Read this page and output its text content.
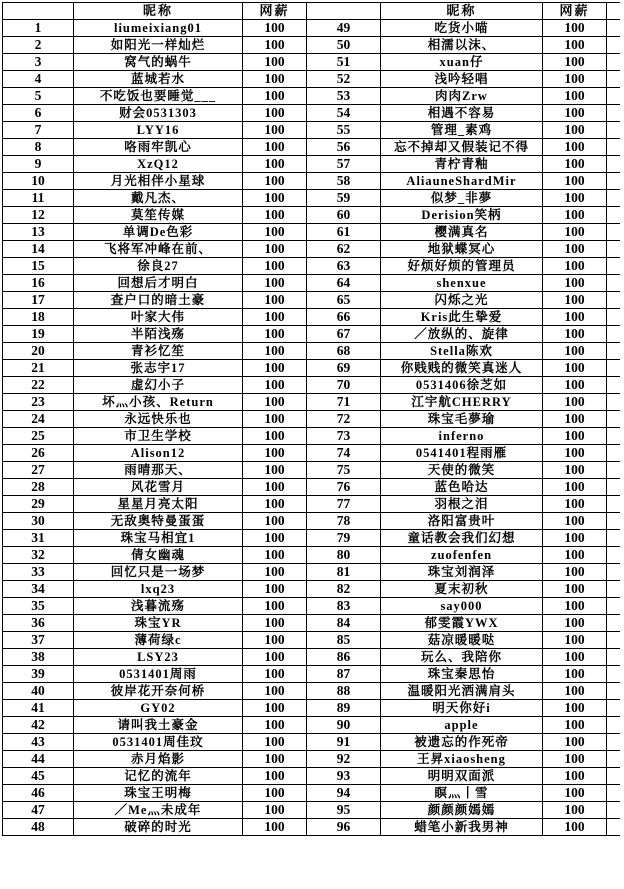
	昵称	网薪		昵称	网薪	
1	liumeixiang01	100	49	吃货小喵	100	
2	如阳光一样灿烂	100	50	相濡以沫、	100	
3	窝气的蜗牛	100	51	xuan仔	100	
4	蓝城若水	100	52	浅吟轻唱	100	
5	不吃饭也要睡觉___	100	53	肉肉Zrw	100	
6	财会0531303	100	54	相遇不容易	100	
7	LYY16	100	55	管理_素鸡	100	
8	咯雨牢凯心	100	56	忘不掉却又假装记不得	100	
9	XzQ12	100	57	青柠青釉	100	
10	月光相伴小星球	100	58	AliauneShardMir	100	
11	戴凡杰、	100	59	似梦_非夢	100	
12	莫笙传媒	100	60	Derision笑柄	100	
13	单调De色彩	100	61	樱满真名	100	
14	飞将军冲峰在前、	100	62	地狱蝶冥心	100	
15	徐良27	100	63	好烦好烦的管理员	100	
16	回想后才明白	100	64	shenxue	100	
17	查户口的暗土豪	100	65	闪烁之光	100	
18	叶家大伟	100	66	Kris此生挚爱	100	
19	半陌浅殇	100	67	／放纵的、旋律	100	
20	青衫忆笙	100	68	Stella陈欢	100	
21	张志宇17	100	69	你贱贱的微笑真迷人	100	
22	虚幻小子	100	70	0531406徐芝如	100	
23	坏灬小孩、Return	100	71	江宇航CHERRY	100	
24	永远快乐也	100	72	珠宝毛夢瑜	100	
25	市卫生学校	100	73	inferno	100	
26	Alison12	100	74	0541401程雨雁	100	
27	雨晴那天、	100	75	天使的微笑	100	
28	风花雪月	100	76	蓝色哈达	100	
29	星星月亮太阳	100	77	羽根之泪	100	
30	无敌奥特曼蛋蛋	100	78	洛阳富贵叶	100	
31	珠宝马相宜1	100	79	童话教会我们幻想	100	
32	倩女幽魂	100	80	zuofenfen	100	
33	回忆只是一场梦	100	81	珠宝刘润泽	100	
34	lxq23	100	82	夏末初秋	100	
35	浅暮流殇	100	83	say000	100	
36	珠宝YR	100	84	郁雯霞YWX	100	
37	薄荷绿c	100	85	菇凉暖暖哒	100	
38	LSY23	100	86	玩么、我陪你	100	
39	0531401周雨	100	87	珠宝秦思怡	100	
40	彼岸花开奈何桥	100	88	温暖阳光洒满肩头	100	
41	GY02	100	89	明天你好i	100	
42	请叫我土豪金	100	90	apple	100	
43	0531401周佳玟	100	91	被遗忘的作死帝	100	
44	赤月焰影	100	92	王昇xiaosheng	100	
45	记忆的流年	100	93	明明双面派	100	
46	珠宝王明梅	100	94	瞑灬丨雪	100	
47	／Me灬未成年	100	95	颜颜颜嫣嫣	100	
48	破碎的时光	100	96	蜡笔小新我男神	100	
